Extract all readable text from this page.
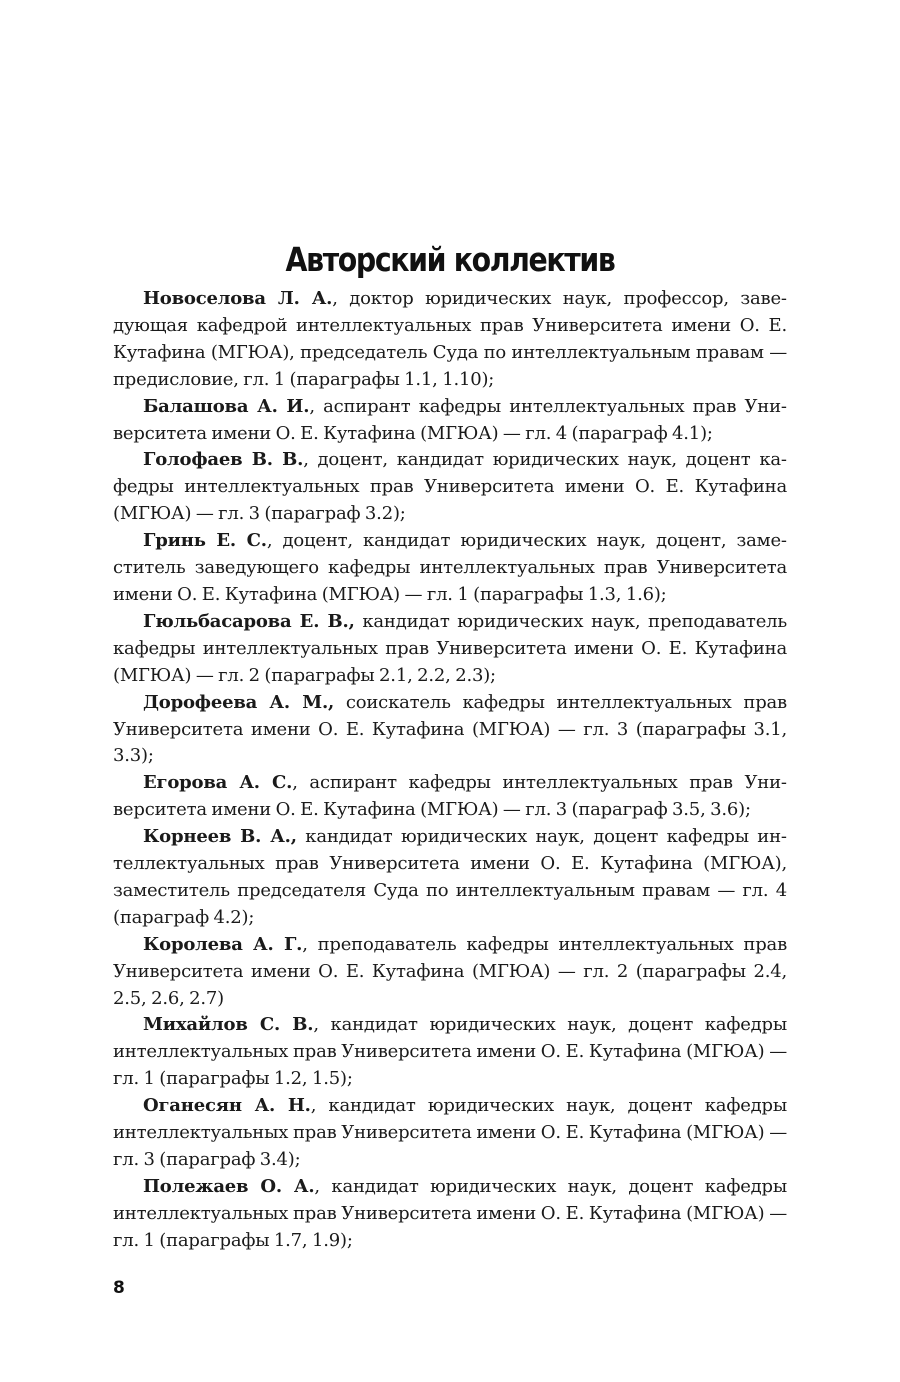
Авторский коллектив

Новоселова Л. А., доктор юридических наук, профессор, заведующая кафедрой интеллектуальных прав Университета имени О. Е. Кутафина (МГЮА), председатель Суда по интеллектуальным правам — предисловие, гл. 1 (параграфы 1.1, 1.10);

Балашова А. И., аспирант кафедры интеллектуальных прав Университета имени О. Е. Кутафина (МГЮА) — гл. 4 (параграф 4.1);

Голофаев В. В., доцент, кандидат юридических наук, доцент кафедры интеллектуальных прав Университета имени О. Е. Кутафина (МГЮА) — гл. 3 (параграф 3.2);

Гринь Е. С., доцент, кандидат юридических наук, доцент, заместитель заведующего кафедры интеллектуальных прав Университета имени О. Е. Кутафина (МГЮА) — гл. 1 (параграфы 1.3, 1.6);

Гюльбасарова Е. В., кандидат юридических наук, преподаватель кафедры интеллектуальных прав Университета имени О. Е. Кутафина (МГЮА) — гл. 2 (параграфы 2.1, 2.2, 2.3);

Дорофеева А. М., соискатель кафедры интеллектуальных прав Университета имени О. Е. Кутафина (МГЮА) — гл. 3 (параграфы 3.1, 3.3);

Егорова А. С., аспирант кафедры интеллектуальных прав Университета имени О. Е. Кутафина (МГЮА) — гл. 3 (параграф 3.5, 3.6);

Корнеев В. А., кандидат юридических наук, доцент кафедры интеллектуальных прав Университета имени О. Е. Кутафина (МГЮА), заместитель председателя Суда по интеллектуальным правам — гл. 4 (параграф 4.2);

Королева А. Г., преподаватель кафедры интеллектуальных прав Университета имени О. Е. Кутафина (МГЮА) — гл. 2 (параграфы 2.4, 2.5, 2.6, 2.7)

Михайлов С. В., кандидат юридических наук, доцент кафедры интеллектуальных прав Университета имени О. Е. Кутафина (МГЮА) — гл. 1 (параграфы 1.2, 1.5);

Оганесян А. Н., кандидат юридических наук, доцент кафедры интеллектуальных прав Университета имени О. Е. Кутафина (МГЮА) — гл. 3 (параграф 3.4);

Полежаев О. А., кандидат юридических наук, доцент кафедры интеллектуальных прав Университета имени О. Е. Кутафина (МГЮА) — гл. 1 (параграфы 1.7, 1.9);

8
